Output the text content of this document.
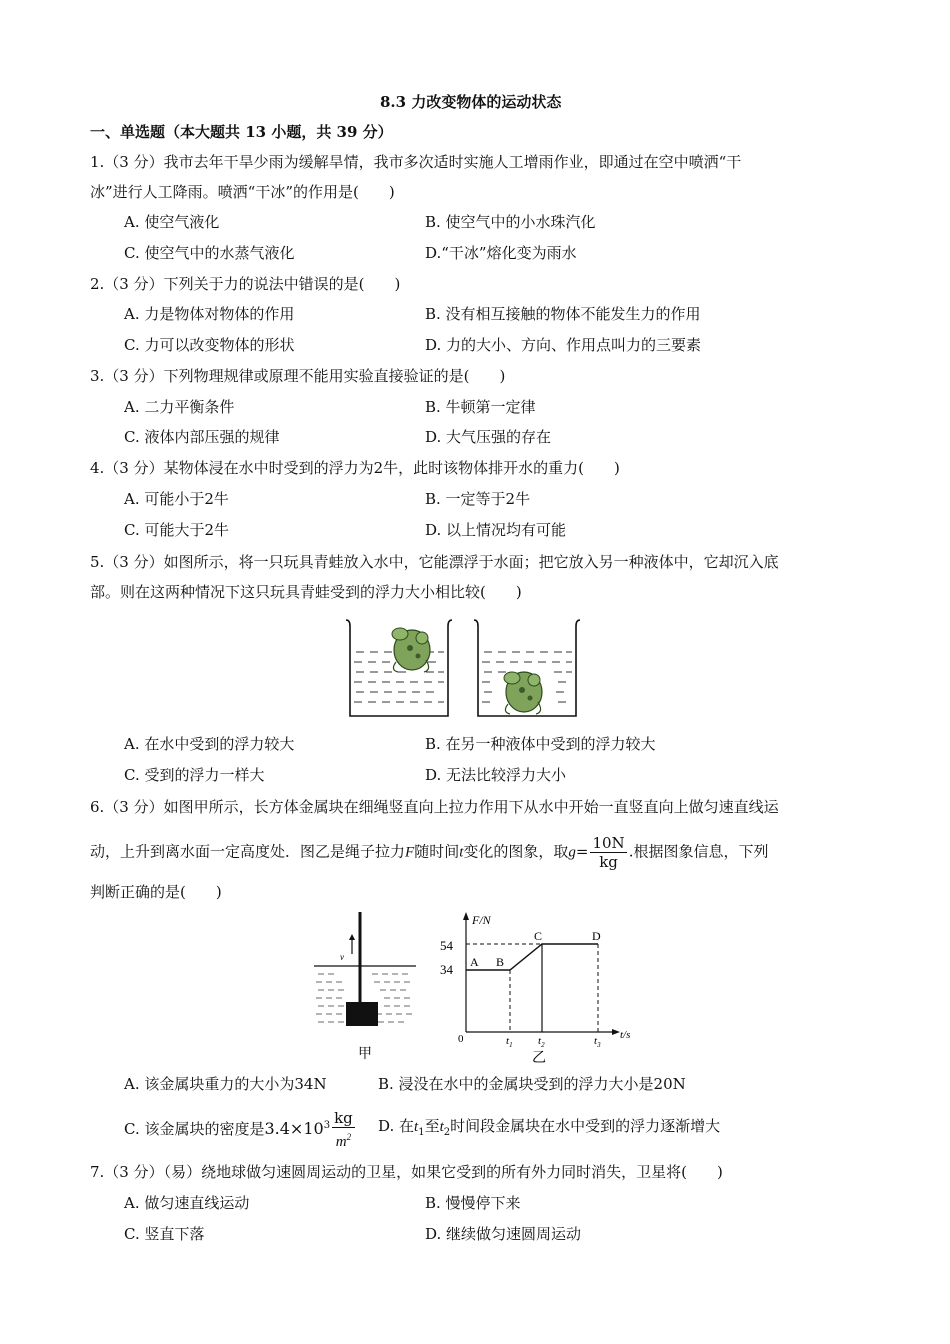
8.3 力改变物体的运动状态
一、单选题（本大题共 13 小题，共 39 分）
1.（3 分）我市去年干旱少雨为缓解旱情，我市多次适时实施人工增雨作业，即通过在空中喷洒“干
冰”进行人工降雨。喷洒“干冰”的作用是(　　)
A. 使空气液化	B. 使空气中的小水珠汽化
C. 使空气中的水蒸气液化	D.“干冰”熔化变为雨水
2.（3 分）下列关于力的说法中错误的是(　　)
A. 力是物体对物体的作用	B. 没有相互接触的物体不能发生力的作用
C. 力可以改变物体的形状	D. 力的大小、方向、作用点叫力的三要素
3.（3 分）下列物理规律或原理不能用实验直接验证的是(　　)
A. 二力平衡条件	B. 牛顿第一定律
C. 液体内部压强的规律	D. 大气压强的存在
4.（3 分）某物体浸在水中时受到的浮力为2牛，此时该物体排开水的重力(　　)
A. 可能小于2牛	B. 一定等于2牛
C. 可能大于2牛	D. 以上情况均有可能
5.（3 分）如图所示，将一只玩具青蛙放入水中，它能漂浮于水面；把它放入另一种液体中，它却沉入底
部。则在这两种情况下这只玩具青蛙受到的浮力大小相比较(　　)
A. 在水中受到的浮力较大	B. 在另一种液体中受到的浮力较大
C. 受到的浮力一样大	D. 无法比较浮力大小
6.（3 分）如图甲所示，长方体金属块在细绳竖直向上拉力作用下从水中开始一直竖直向上做匀速直线运
动，上升到离水面一定高度处．图乙是绳子拉力F随时间t变化的图象，取$g= \frac{10N}{kg}$ .根据图象信息，下列
判断正确的是(　　)
v
甲
F/N
t/s
0
54
34 A B
C	D
$t_1$ $t_2$	$t_3$
乙
A. 该金属块重力的大小为34N	B. 浸没在水中的金属块受到的浮力大小是20N
C. 该金属块的密度是$3.4\times 10^3 \frac{kg}{m^2} D$. 在$t_1$至$t_2$时间段金属块在水中受到的浮力逐渐增大
7.（3 分）（易）绕地球做匀速圆周运动的卫星，如果它受到的所有外力同时消失，卫星将(　　)
A. 做匀速直线运动	B. 慢慢停下来
C. 竖直下落	D. 继续做匀速圆周运动
